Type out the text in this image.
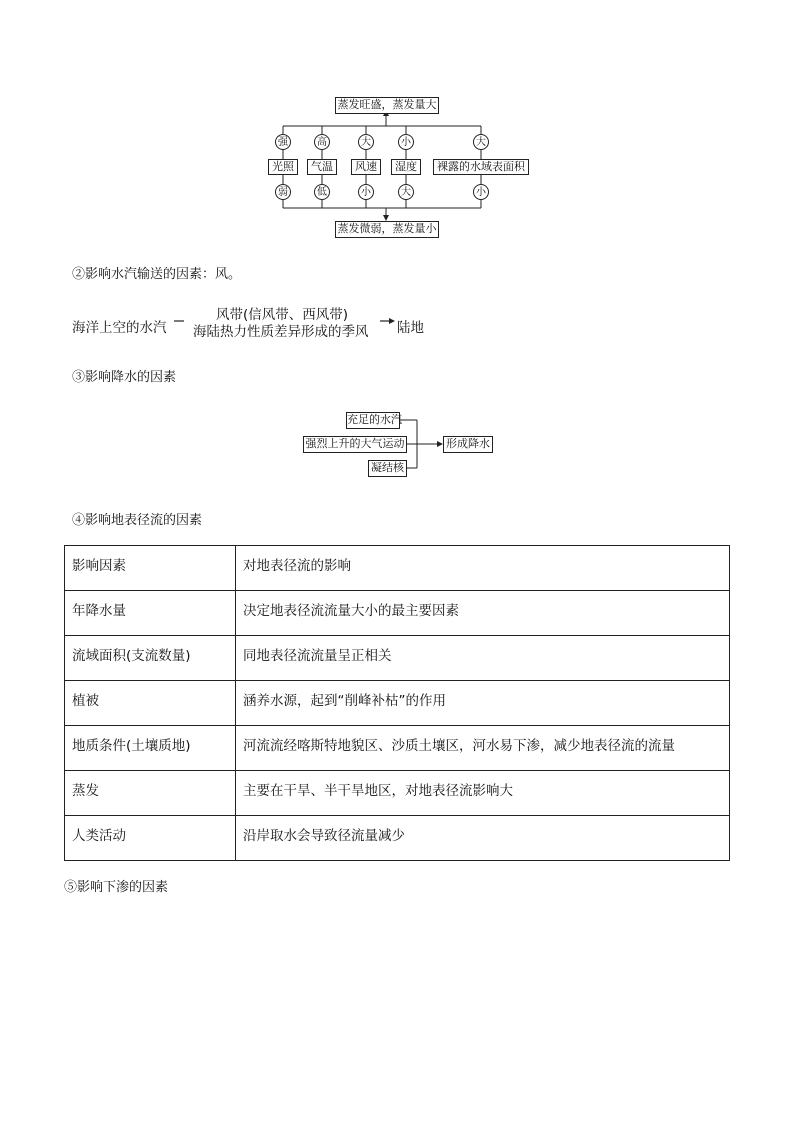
蒸发旺盛，蒸发量大
蒸发微弱，蒸发量小
强	高	大	小	大
光照	气温	风速	湿度	裸露的水域表面积
弱	低	小	大	小
②影响水汽输送的因素：风。
海洋上空的水汽
风带(信风带、西风带)
海陆热力性质差异形成的季风 陆地
③影响降水的因素
充足的水汽
强烈上升的大气运动
凝结核
形成降水
④影响地表径流的因素
影响因素	对地表径流的影响
年降水量	决定地表径流流量大小的最主要因素
流域面积(支流数量)	同地表径流流量呈正相关
植被	涵养水源，起到“削峰补枯”的作用
地质条件(土壤质地)	河流流经喀斯特地貌区、沙质土壤区，河水易下渗，减少地表径流的流量
蒸发	主要在干旱、半干旱地区，对地表径流影响大
人类活动	沿岸取水会导致径流量减少
⑤影响下渗的因素
